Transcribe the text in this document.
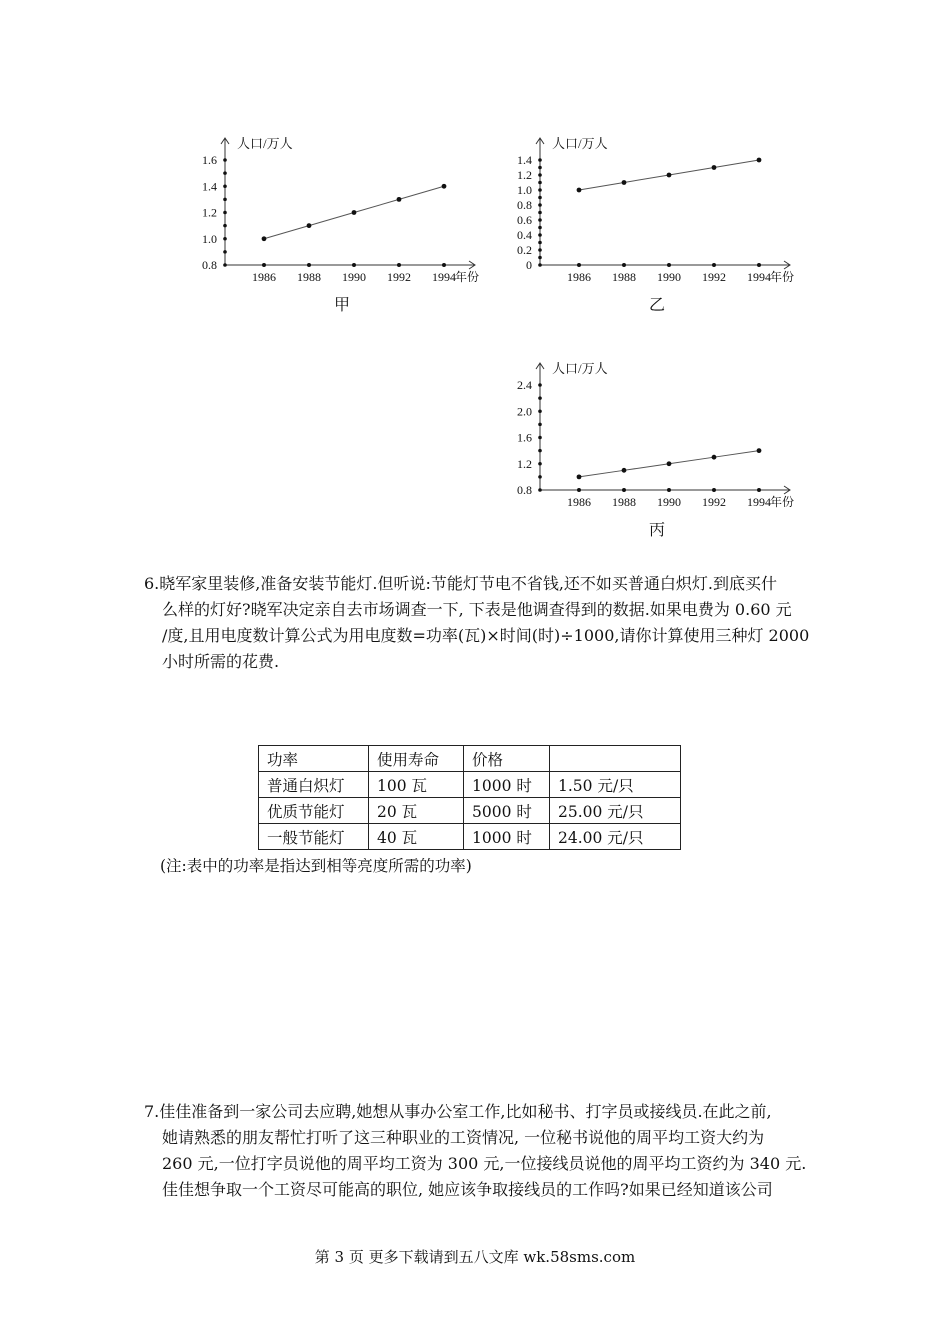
0.8
1.0
1.2
1.4
1.6
1986 1988 1990 1992 1994 年份
人口/万人
甲
0
0.2
0.4
0.6
0.8
1.0
1.2
1.4
1986 1988 1990 1992 1994 年份
人口/万人
乙
0.8
1.2
1.6
2.0
2.4
1986 1988 1990 1992 1994 年份
人口/万人
丙
6.晓军家里装修,准备安装节能灯.但听说:节能灯节电不省钱,还不如买普通白炽灯.到底买什
么样的灯好?晓军决定亲自去市场调查一下, 下表是他调查得到的数据.如果电费为 0.60 元
/度,且用电度数计算公式为用电度数=功率(瓦)×时间(时)÷1000,请你计算使用三种灯 2000
小时所需的花费.
功率	使用寿命	价格	
普通白炽灯	100 瓦	1000 时	1.50 元/只
优质节能灯	20 瓦	5000 时	25.00 元/只
一般节能灯	40 瓦	1000 时	24.00 元/只
(注:表中的功率是指达到相等亮度所需的功率)
7.佳佳准备到一家公司去应聘,她想从事办公室工作,比如秘书、打字员或接线员.在此之前,
她请熟悉的朋友帮忙打听了这三种职业的工资情况, 一位秘书说他的周平均工资大约为
260 元,一位打字员说他的周平均工资为 300 元,一位接线员说他的周平均工资约为 340 元.
佳佳想争取一个工资尽可能高的职位, 她应该争取接线员的工作吗?如果已经知道该公司
第 3 页 更多下载请到五八文库 wk.58sms.com
